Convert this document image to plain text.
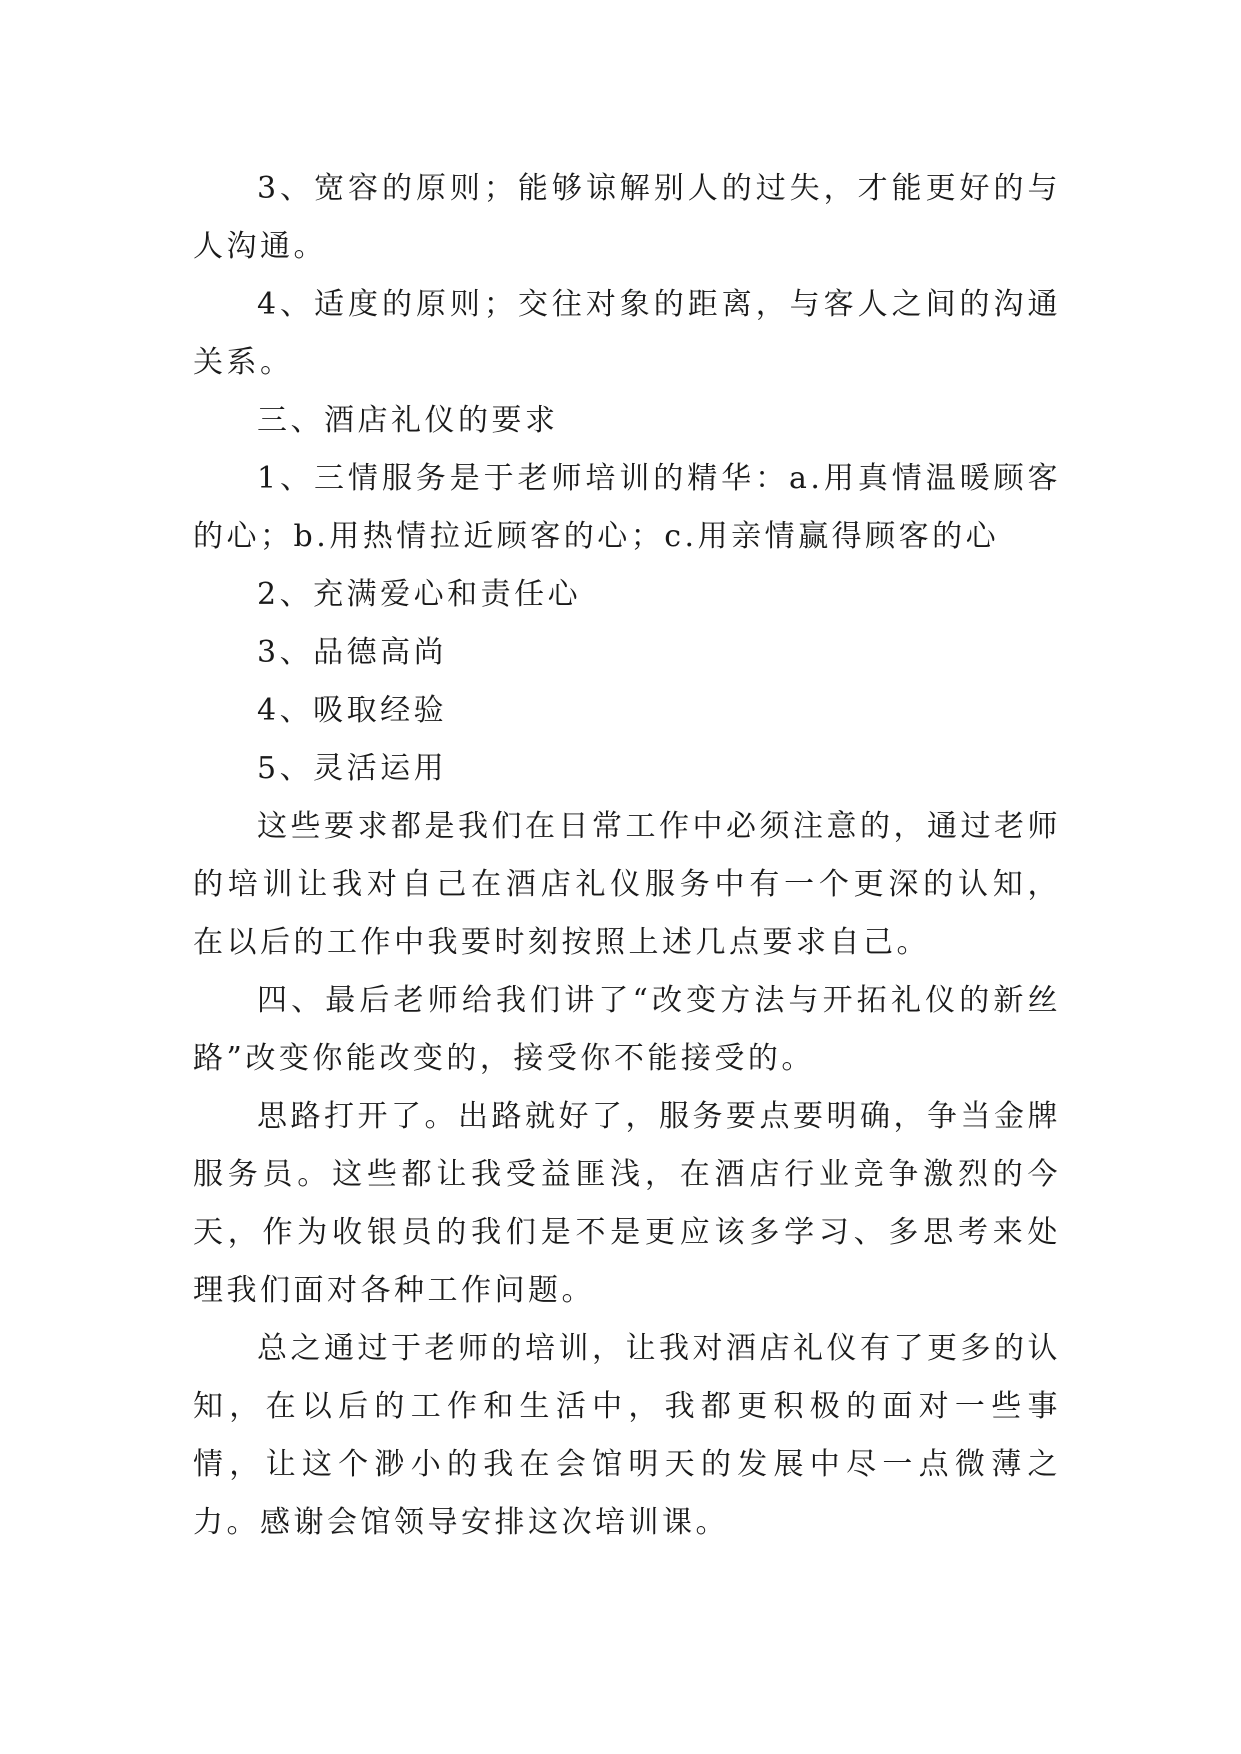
3、宽容的原则；能够谅解别人的过失，才能更好的与人沟通。

4、适度的原则；交往对象的距离，与客人之间的沟通关系。

三、酒店礼仪的要求

1、三情服务是于老师培训的精华：a.用真情温暖顾客的心；b.用热情拉近顾客的心；c.用亲情赢得顾客的心

2、充满爱心和责任心

3、品德高尚

4、吸取经验

5、灵活运用

这些要求都是我们在日常工作中必须注意的，通过老师的培训让我对自己在酒店礼仪服务中有一个更深的认知，在以后的工作中我要时刻按照上述几点要求自己。

四、最后老师给我们讲了“改变方法与开拓礼仪的新丝路”改变你能改变的，接受你不能接受的。

思路打开了。出路就好了，服务要点要明确，争当金牌服务员。这些都让我受益匪浅，在酒店行业竞争激烈的今天，作为收银员的我们是不是更应该多学习、多思考来处理我们面对各种工作问题。

总之通过于老师的培训，让我对酒店礼仪有了更多的认知，在以后的工作和生活中，我都更积极的面对一些事情，让这个渺小的我在会馆明天的发展中尽一点微薄之力。感谢会馆领导安排这次培训课。
